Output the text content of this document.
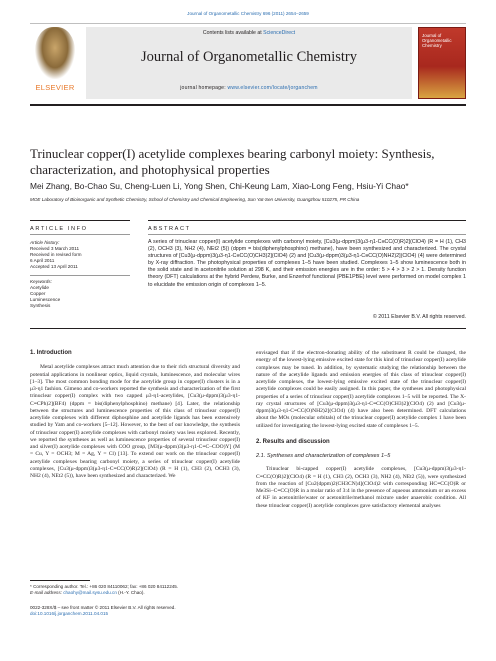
Journal of Organometallic Chemistry 696 (2011) 2654–2659
ELSEVIER
Contents lists available at ScienceDirect
Journal of Organometallic Chemistry
journal homepage: www.elsevier.com/locate/jorganchem
Journal of Organometallic Chemistry
Trinuclear copper(I) acetylide complexes bearing carbonyl moiety: Synthesis, characterization, and photophysical properties
Mei Zhang, Bo-Chao Su, Cheng-Luen Li, Yong Shen, Chi-Keung Lam, Xiao-Long Feng, Hsiu-Yi Chao*
MOE Laboratory of Bioinorganic and Synthetic Chemistry, School of Chemistry and Chemical Engineering, Sun Yat-Sen University, Guangzhou 510275, PR China
ARTICLE INFO	ABSTRACT
Article history:
Received 3 March 2011
Received in revised form
6 April 2011
Accepted 13 April 2011
Keywords:
Acetylide
Copper
Luminescence
Synthesis
A series of trinuclear copper(I) acetylide complexes with carbonyl moiety, [Cu3(μ-dppm)3(μ3-η1-C≡CC(O)R)2](ClO4) (R = H (1), CH3 (2), OCH3 (3), NH2 (4), NEt2 (5)) (dppm = bis(diphenylphosphino) methane), have been synthesized and characterized. The crystal structures of [Cu3(μ-dppm)3(μ3-η1-C≡CC(O)CH3)2](ClO4) (2) and [Cu3(μ-dppm)3(μ3-η1-C≡CC(O)NH2)2](ClO4) (4) were determined by X-ray diffraction. The photophysical properties of complexes 1–5 have been studied. Complexes 1–5 show luminescence both in the solid state and in acetonitrile solution at 298 K, and their emission energies are in the order: 5 > 4 > 3 > 2 > 1. Density function theory (DFT) calculations at the hybrid Perdew, Burke, and Enzerhof functional (PBE1PBE) level were performed on model complex 1 to elucidate the emission origin of complexes 1–5.
© 2011 Elsevier B.V. All rights reserved.
1. Introduction

Metal acetylide complexes attract much attention due to their rich structural diversity and potential applications in nonlinear optics, liquid crystals, luminescence, and molecular wires [1–3]. The most common bonding mode for the acetylide group in copper(I) clusters is in a μ3-η1 fashion. Gimeno and co-workers reported the synthesis and characterization of the first trinuclear copper(I) complex with two capped μ3-η1-acetylides, [Cu3(μ-dppm)3(μ3-η1-C≡CPh)2](BF4) (dppm = bis(diphenylphosphino) methane) [4]. Later, the relationship between the structures and luminescence properties of this class of trinuclear copper(I) acetylide complexes with different diphosphine and acetylide ligands has been extensively studied by Yam and co-workers [5–12]. However, to the best of our knowledge, the synthesis of trinuclear copper(I) acetylide complexes with carbonyl moiety was less explored. Recently, we reported the syntheses as well as luminescence properties of several trinuclear copper(I) and silver(I) acetylide complexes with COO group, [M3(μ-dppm)3(μ3-η1-C≡C–COO)Y] (M = Cu, Y = OCH3; M = Ag, Y = Cl) [13]. To extend our work on the trinuclear copper(I) acetylide complexes bearing carbonyl moiety, a series of trinuclear copper(I) acetylide complexes, [Cu3(μ-dppm)3(μ3-η1-C≡CC(O)R)2](ClO4) (R = H (1), CH3 (2), OCH3 (3), NH2 (4), NEt2 (5)), have been synthesized and characterized. We

envisaged that if the electron-donating ability of the substituent R could be changed, the energy of the lowest-lying emissive excited state for this kind of trinuclear copper(I) acetylide complexes may be tuned. In addition, by systematic studying the relationship between the nature of the acetylide ligands and emission energies of this class of trinuclear copper(I) acetylide complexes, the lowest-lying emissive excited state of the trinuclear copper(I) acetylide complexes could be easily assigned. In this paper, the syntheses and photophysical properties of a series of trinuclear copper(I) acetylide complexes 1–5 will be reported. The X-ray crystal structures of [Cu3(μ-dppm)3(μ3-η1-C≡CC(O)CH3)2](ClO4) (2) and [Cu3(μ-dppm)3(μ3-η1-C≡CC(O)NH2)2](ClO4) (4) have also been determined. DFT calculations about the MOs (molecular orbitals) of the trinuclear copper(I) acetylide complex 1 have been utilized for investigating the lowest-lying excited state of complexes 1–5.

2. Results and discussion
2.1. Syntheses and characterization of complexes 1–5

Trinuclear bi-capped copper(I) acetylide complexes, [Cu3(μ-dppm)3(μ3-η1-C≡CC(O)R)2](ClO4) (R = H (1), CH3 (2), OCH3 (3), NH2 (4), NEt2 (5)), were synthesized from the reaction of [Cu2(dppm)2(CH3CN)4](ClO4)2 with corresponding HC≡CC(O)R or Me3Si–C≡CC(O)R in a molar ratio of 3:4 in the presence of aqueous ammonium or an excess of KF in acetonitrile/water or acetonitrile/methanol mixture under anaerobic condition. All these trinuclear copper(I) acetylide complexes gave satisfactory elemental analyses

* Corresponding author. Tel.: +86 020 84110062; fax: +86 020 84112245.
E-mail address: chaohy@mail.sysu.edu.cn (H.-Y. Chao).
0022-328X/$ – see front matter © 2011 Elsevier B.V. All rights reserved.
doi:10.1016/j.jorganchem.2011.04.015
